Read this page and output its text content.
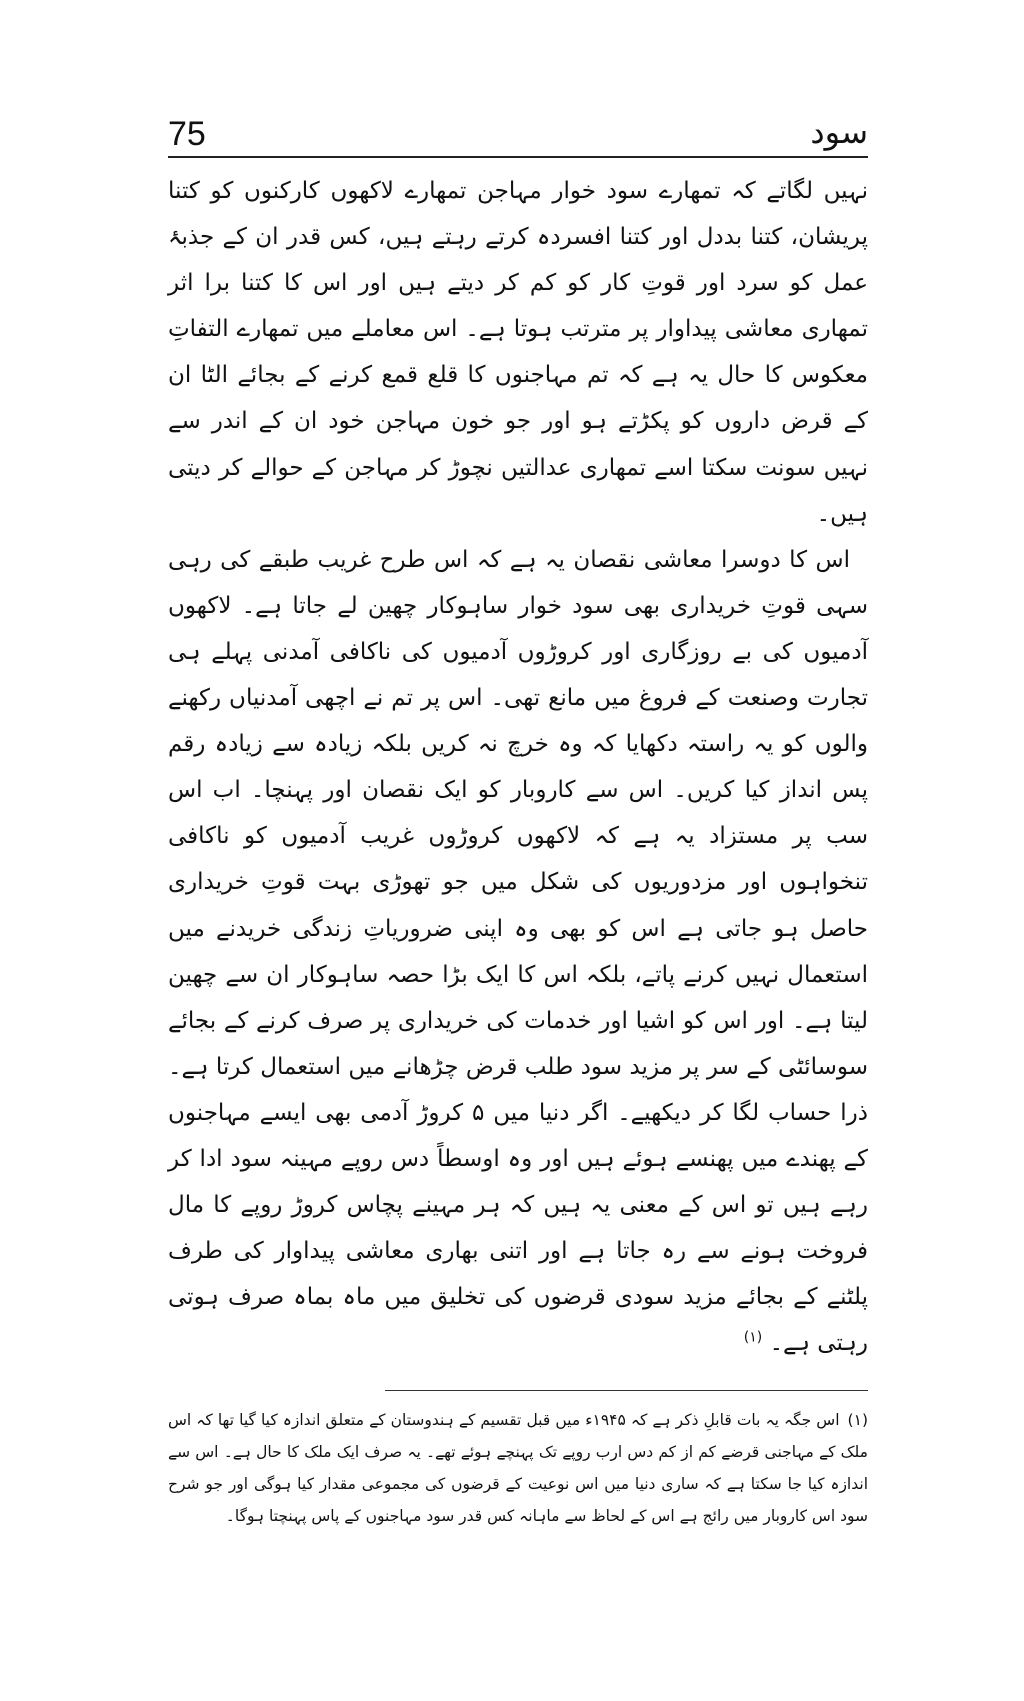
75	سود

نہیں لگاتے کہ تمھارے سود خوار مہاجن تمھارے لاکھوں کارکنوں کو کتنا پریشان، کتنا بددل اور کتنا افسردہ کرتے رہتے ہیں، کس قدر ان کے جذبۂ عمل کو سرد اور قوتِ کار کو کم کر دیتے ہیں اور اس کا کتنا برا اثر تمھاری معاشی پیداوار پر مترتب ہوتا ہے۔ اس معاملے میں تمھارے التفاتِ معکوس کا حال یہ ہے کہ تم مہاجنوں کا قلع قمع کرنے کے بجائے الٹا ان کے قرض داروں کو پکڑتے ہو اور جو خون مہاجن خود ان کے اندر سے نہیں سونت سکتا اسے تمھاری عدالتیں نچوڑ کر مہاجن کے حوالے کر دیتی ہیں۔

اس کا دوسرا معاشی نقصان یہ ہے کہ اس طرح غریب طبقے کی رہی سہی قوتِ خریداری بھی سود خوار ساہوکار چھین لے جاتا ہے۔ لاکھوں آدمیوں کی بے روزگاری اور کروڑوں آدمیوں کی ناکافی آمدنی پہلے ہی تجارت وصنعت کے فروغ میں مانع تھی۔ اس پر تم نے اچھی آمدنیاں رکھنے والوں کو یہ راستہ دکھایا کہ وہ خرچ نہ کریں بلکہ زیادہ سے زیادہ رقم پس انداز کیا کریں۔ اس سے کاروبار کو ایک نقصان اور پہنچا۔ اب اس سب پر مستزاد یہ ہے کہ لاکھوں کروڑوں غریب آدمیوں کو ناکافی تنخواہوں اور مزدوریوں کی شکل میں جو تھوڑی بہت قوتِ خریداری حاصل ہو جاتی ہے اس کو بھی وہ اپنی ضروریاتِ زندگی خریدنے میں استعمال نہیں کرنے پاتے، بلکہ اس کا ایک بڑا حصہ ساہوکار ان سے چھین لیتا ہے۔ اور اس کو اشیا اور خدمات کی خریداری پر صرف کرنے کے بجائے سوسائٹی کے سر پر مزید سود طلب قرض چڑھانے میں استعمال کرتا ہے۔ ذرا حساب لگا کر دیکھیے۔ اگر دنیا میں ۵ کروڑ آدمی بھی ایسے مہاجنوں کے پھندے میں پھنسے ہوئے ہیں اور وہ اوسطاً دس روپے مہینہ سود ادا کر رہے ہیں تو اس کے معنی یہ ہیں کہ ہر مہینے پچاس کروڑ روپے کا مال فروخت ہونے سے رہ جاتا ہے اور اتنی بھاری معاشی پیداوار کی طرف پلٹنے کے بجائے مزید سودی قرضوں کی تخلیق میں ماہ بماہ صرف ہوتی رہتی ہے۔ $^{(۱)}$

(۱)اس جگہ یہ بات قابلِ ذکر ہے کہ ۱۹۴۵ء میں قبل تقسیم کے ہندوستان کے متعلق اندازہ کیا گیا تھا کہ اس ملک کے مہاجنی قرضے کم از کم دس ارب روپے تک پہنچے ہوئے تھے۔ یہ صرف ایک ملک کا حال ہے۔ اس سے اندازہ کیا جا سکتا ہے کہ ساری دنیا میں اس نوعیت کے قرضوں کی مجموعی مقدار کیا ہوگی اور جو شرح سود اس کاروبار میں رائج ہے اس کے لحاظ سے ماہانہ کس قدر سود مہاجنوں کے پاس پہنچتا ہوگا۔
